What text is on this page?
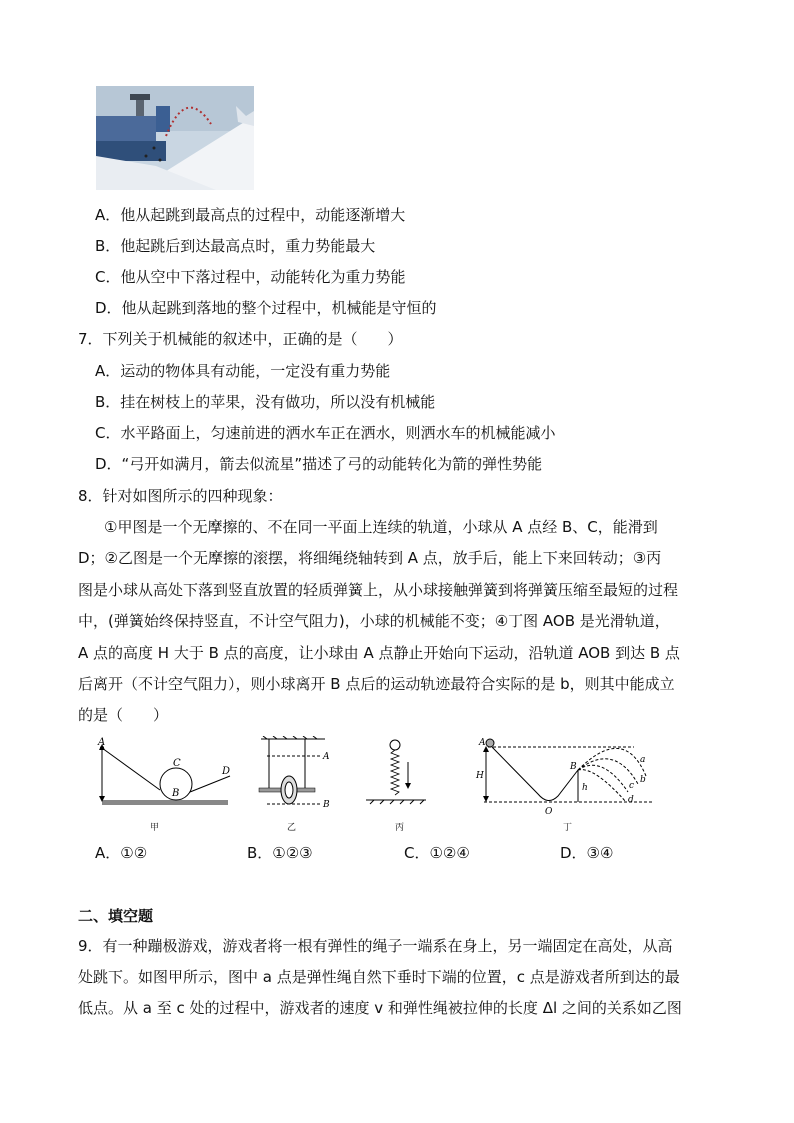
A．他从起跳到最高点的过程中，动能逐渐增大
B．他起跳后到达最高点时，重力势能最大
C．他从空中下落过程中，动能转化为重力势能
D．他从起跳到落地的整个过程中，机械能是守恒的
7．下列关于机械能的叙述中，正确的是（　　）
A．运动的物体具有动能，一定没有重力势能
B．挂在树枝上的苹果，没有做功，所以没有机械能
C．水平路面上，匀速前进的洒水车正在洒水，则洒水车的机械能减小
D．“弓开如满月，箭去似流星”描述了弓的动能转化为箭的弹性势能
8．针对如图所示的四种现象：
①甲图是一个无摩擦的、不在同一平面上连续的轨道，小球从 A 点经 B、C，能滑到
D；②乙图是一个无摩擦的滚摆，将细绳绕轴转到 A 点，放手后，能上下来回转动；③丙
图是小球从高处下落到竖直放置的轻质弹簧上，从小球接触弹簧到将弹簧压缩至最短的过程
中，(弹簧始终保持竖直，不计空气阻力)，小球的机械能不变；④丁图 AOB 是光滑轨道，
A 点的高度 H 大于 B 点的高度，让小球由 A 点静止开始向下运动，沿轨道 AOB 到达 B 点
后离开（不计空气阻力），则小球离开 B 点后的运动轨迹最符合实际的是 b，则其中能成立
的是（　　）
A
B
C
D
甲
A
B
乙	丙
A
H
B
h
O
a
b
c
d
丁
A．①②	B．①②③	C．①②④	D．③④
二、填空题
9．有一种蹦极游戏，游戏者将一根有弹性的绳子一端系在身上，另一端固定在高处，从高
处跳下。如图甲所示，图中 a 点是弹性绳自然下垂时下端的位置，c 点是游戏者所到达的最
低点。从 a 至 c 处的过程中，游戏者的速度 v 和弹性绳被拉伸的长度 Δl 之间的关系如乙图
